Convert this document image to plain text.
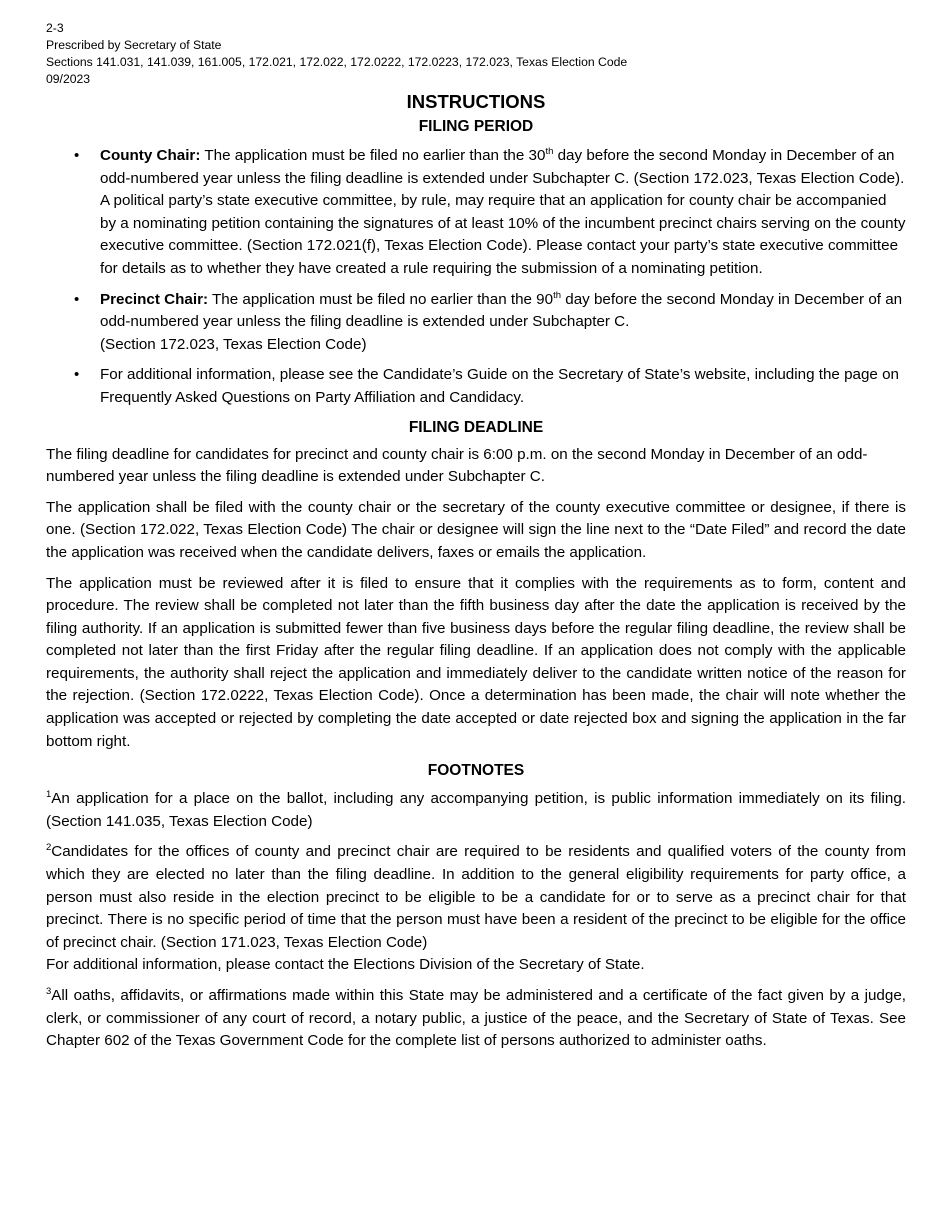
2-3
Prescribed by Secretary of State
Sections 141.031, 141.039, 161.005, 172.021, 172.022, 172.0222, 172.0223, 172.023, Texas Election Code
09/2023
INSTRUCTIONS
FILING PERIOD
•
County Chair: The application must be filed no earlier than the 30th day before the second Monday in December of an odd-numbered year unless the filing deadline is extended under Subchapter C. (Section 172.023, Texas Election Code). A political party’s state executive committee, by rule, may require that an application for county chair be accompanied by a nominating petition containing the signatures of at least 10% of the incumbent precinct chairs serving on the county executive committee. (Section 172.021(f), Texas Election Code). Please contact your party’s state executive committee for details as to whether they have created a rule requiring the submission of a nominating petition.
•
Precinct Chair: The application must be filed no earlier than the 90th day before the second Monday in December of an odd-numbered year unless the filing deadline is extended under Subchapter C.
(Section 172.023, Texas Election Code)
•
For additional information, please see the Candidate’s Guide on the Secretary of State’s website, including the page on Frequently Asked Questions on Party Affiliation and Candidacy.
FILING DEADLINE

The filing deadline for candidates for precinct and county chair is 6:00 p.m. on the second Monday in December of an odd-numbered year unless the filing deadline is extended under Subchapter C.

The application shall be filed with the county chair or the secretary of the county executive committee or designee, if there is one. (Section 172.022, Texas Election Code) The chair or designee will sign the line next to the “Date Filed” and record the date the application was received when the candidate delivers, faxes or emails the application.

The application must be reviewed after it is filed to ensure that it complies with the requirements as to form, content and procedure. The review shall be completed not later than the fifth business day after the date the application is received by the filing authority. If an application is submitted fewer than five business days before the regular filing deadline, the review shall be completed not later than the first Friday after the regular filing deadline. If an application does not comply with the applicable requirements, the authority shall reject the application and immediately deliver to the candidate written notice of the reason for the rejection. (Section 172.0222, Texas Election Code). Once a determination has been made, the chair will note whether the application was accepted or rejected by completing the date accepted or date rejected box and signing the application in the far bottom right.

FOOTNOTES

$^1$An application for a place on the ballot, including any accompanying petition, is public information immediately on its filing. (Section 141.035, Texas Election Code)

$^2$Candidates for the offices of county and precinct chair are required to be residents and qualified voters of the county from which they are elected no later than the filing deadline. In addition to the general eligibility requirements for party office, a person must also reside in the election precinct to be eligible to be a candidate for or to serve as a precinct chair for that precinct. There is no specific period of time that the person must have been a resident of the precinct to be eligible for the office of precinct chair. (Section 171.023, Texas Election Code)
For additional information, please contact the Elections Division of the Secretary of State.

$^3$All oaths, affidavits, or affirmations made within this State may be administered and a certificate of the fact given by a judge, clerk, or commissioner of any court of record, a notary public, a justice of the peace, and the Secretary of State of Texas. See Chapter 602 of the Texas Government Code for the complete list of persons authorized to administer oaths.
